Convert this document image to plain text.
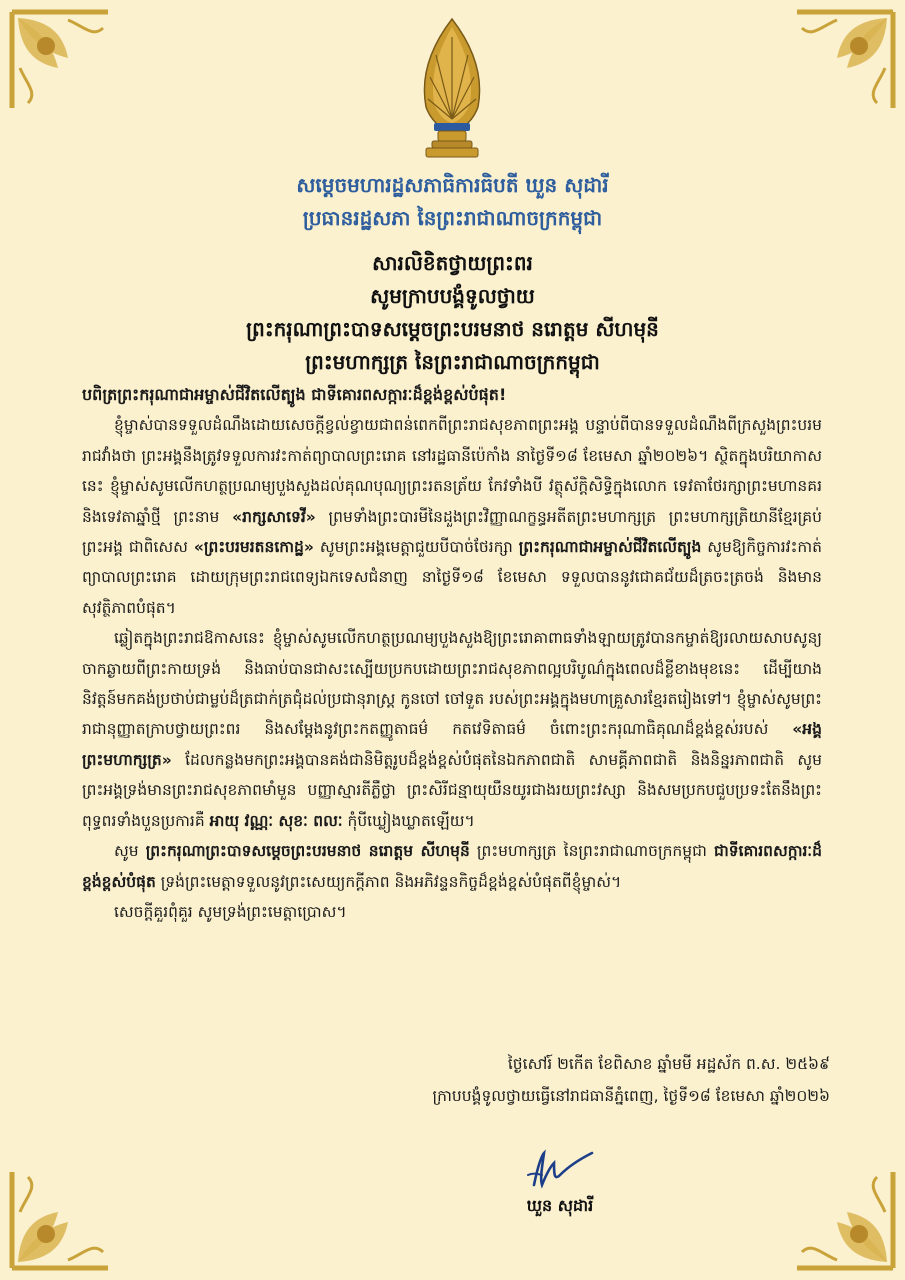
សម្ដេចមហារដ្ឋសភាធិការធិបតី ឃួន សុដារី
ប្រធានរដ្ឋសភា នៃព្រះរាជាណាចក្រកម្ពុជា
សារលិខិតថ្វាយព្រះពរ
សូមក្រាបបង្គំទូលថ្វាយ
ព្រះករុណាព្រះបាទសម្ដេចព្រះបរមនាថ នរោត្ដម សីហមុនី
ព្រះមហាក្សត្រ នៃព្រះរាជាណាចក្រកម្ពុជា

បពិត្រព្រះករុណាជាអម្ចាស់ជីវិតលើត្បូង ជាទីគោរពសក្ការៈដ៏ខ្ពង់ខ្ពស់បំផុត!

ខ្ញុំម្ចាស់បានទទួលដំណឹងដោយសេចក្ដីខ្វល់ខ្វាយជាពន់ពេកពីព្រះរាជសុខភាពព្រះអង្គ បន្ទាប់ពីបានទទួលដំណឹងពីក្រសួងព្រះបរមរាជវាំងថា ព្រះអង្គនឹងត្រូវទទួលការវះកាត់ព្យាបាលព្រះរោគ នៅរដ្ឋធានីប៉េកាំង នាថ្ងៃទី១៨ ខែមេសា ឆ្នាំ២០២៦។ ស្ថិតក្នុងបរិយាកាសនេះ ខ្ញុំម្ចាស់សូមលើកហត្ថប្រណម្យបួងសួងដល់គុណបុណ្យព្រះរតនត្រ័យ កែវទាំងបី វត្ថុស័ក្ដិសិទ្ធិក្នុងលោក ទេវតាថែរក្សាព្រះមហានគរ និងទេវតាឆ្នាំថ្មី ព្រះនាម «រាក្សសាទេវី» ព្រមទាំងព្រះបារមីនៃដួងព្រះវិញ្ញាណក្ខន្ធអតីតព្រះមហាក្សត្រ ព្រះមហាក្សត្រិយានីខ្មែរគ្រប់ព្រះអង្គ ជាពិសេស «ព្រះបរមរតនកោដ្ឋ» សូមព្រះអង្គមេត្តាជួយបីបាច់ថែរក្សា ព្រះករុណាជាអម្ចាស់ជីវិតលើត្បូង សូមឱ្យកិច្ចការវះកាត់ព្យាបាលព្រះរោគ ដោយក្រុមព្រះរាជពេទ្យឯកទេសជំនាញ នាថ្ងៃទី១៨ ខែមេសា ទទួលបាននូវជោគជ័យដ៏ត្រចះត្រចង់ និងមានសុវត្ថិភាពបំផុត។

ឆ្លៀតក្នុងព្រះរាជឱកាសនេះ ខ្ញុំម្ចាស់សូមលើកហត្ថប្រណម្យបួងសួងឱ្យព្រះរោគាពាធទាំងឡាយត្រូវបានកម្ចាត់ឱ្យរលាយសាបសូន្យចាកឆ្ងាយពីព្រះកាយទ្រង់ និងធាប់បានជាសះស្បើយប្រកបដោយព្រះរាជសុខភាពល្អបរិបូណ៌ក្នុងពេលដ៏ខ្លីខាងមុខនេះ ដើម្បីយាងនិវត្តន៍មកគង់ប្រថាប់ជាម្លប់ដ៏ត្រជាក់ត្រជុំដល់ប្រជានុរាស្ត្រ កូនចៅ ចៅទួត របស់ព្រះអង្គក្នុងមហាគ្រួសារខ្មែរតរៀងទៅ។ ខ្ញុំម្ចាស់សូមព្រះរាជានុញ្ញាតក្រាបថ្វាយព្រះពរ និងសម្ដែងនូវព្រះកតញ្ញូតាធម៌ កតវេទិតាធម៌ ចំពោះព្រះករុណាធិគុណដ៏ខ្ពង់ខ្ពស់របស់ «អង្គព្រះមហាក្សត្រ» ដែលកន្លងមកព្រះអង្គបានគង់ជានិមិត្តរូបដ៏ខ្ពង់ខ្ពស់បំផុតនៃឯកភាពជាតិ សាមគ្គីភាពជាតិ និងនិន្នរភាពជាតិ សូមព្រះអង្គទ្រង់មានព្រះរាជសុខភាពមាំមួន បញ្ញាស្មារតីភ្លឺថ្លា ព្រះសិរីជន្មាយុយឺនយូរជាងរយព្រះវស្សា និងសមប្រកបជួបប្រទះតែនឹងព្រះពុទ្ធពរទាំងបួនប្រការគឺ អាយុ វណ្ណៈ សុខៈ ពលៈ កុំបីឃ្លៀងឃ្លាតឡើយ។

សូម ព្រះករុណាព្រះបាទសម្ដេចព្រះបរមនាថ នរោត្ដម សីហមុនី ព្រះមហាក្សត្រ នៃព្រះរាជាណាចក្រកម្ពុជា ជាទីគោរពសក្ការៈដ៏ខ្ពង់ខ្ពស់បំផុត ទ្រង់ព្រះមេត្តាទទួលនូវព្រះសេយ្យកក្ដីភាព និងអភិវន្ទនកិច្ចដ៏ខ្ពង់ខ្ពស់បំផុតពីខ្ញុំម្ចាស់។

សេចក្ដីគួរពុំគួរ សូមទ្រង់ព្រះមេត្តាប្រោស។

ថ្ងៃសៅរ៍ ២កើត ខែពិសាខ ឆ្នាំមមី អដ្ឋស័ក ព.ស. ២៥៦៩
ក្រាបបង្គំទូលថ្វាយធ្វើនៅរាជធានីភ្នំពេញ, ថ្ងៃទី១៨ ខែមេសា ឆ្នាំ២០២៦
ឃួន សុដារី
